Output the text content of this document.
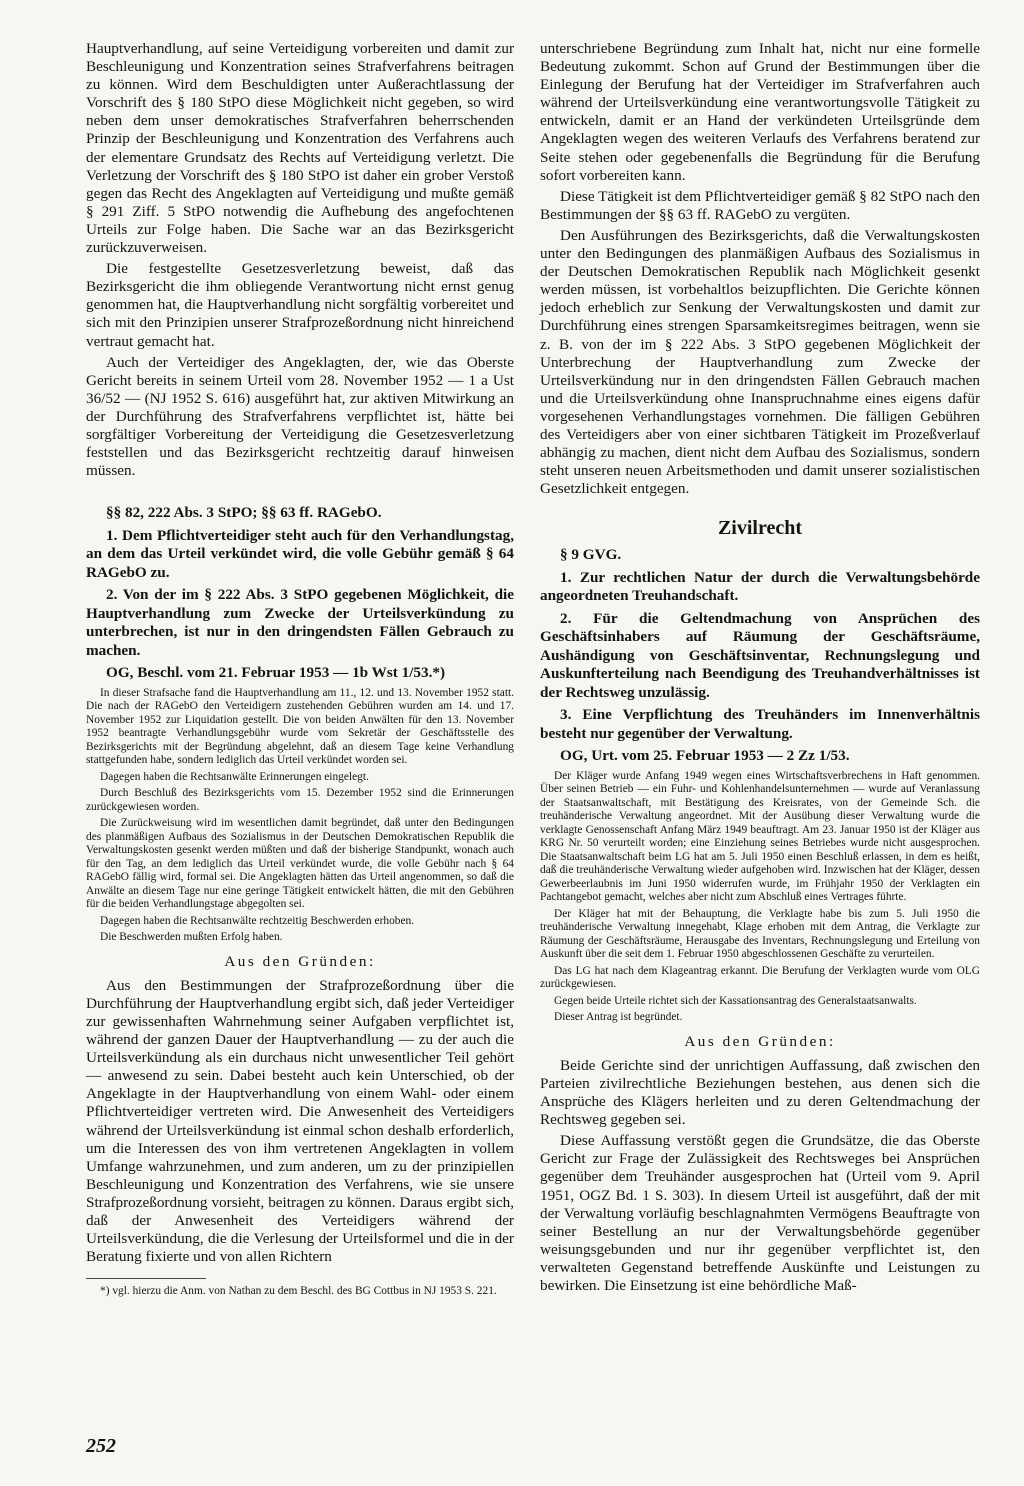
Hauptverhandlung, auf seine Verteidigung vorbereiten und damit zur Beschleunigung und Konzentration seines Strafverfahrens beitragen zu können. Wird dem Beschuldigten unter Außerachtlassung der Vorschrift des § 180 StPO diese Möglichkeit nicht gegeben, so wird neben dem unser demokratisches Strafverfahren beherrschenden Prinzip der Beschleunigung und Konzentration des Verfahrens auch der elementare Grundsatz des Rechts auf Verteidigung verletzt. Die Verletzung der Vorschrift des § 180 StPO ist daher ein grober Verstoß gegen das Recht des Angeklagten auf Verteidigung und mußte gemäß § 291 Ziff. 5 StPO notwendig die Aufhebung des angefochtenen Urteils zur Folge haben. Die Sache war an das Bezirksgericht zurückzuverweisen.

Die festgestellte Gesetzesverletzung beweist, daß das Bezirksgericht die ihm obliegende Verantwortung nicht ernst genug genommen hat, die Hauptverhandlung nicht sorgfältig vorbereitet und sich mit den Prinzipien unserer Strafprozeßordnung nicht hinreichend vertraut gemacht hat.

Auch der Verteidiger des Angeklagten, der, wie das Oberste Gericht bereits in seinem Urteil vom 28. November 1952 — 1 a Ust 36/52 — (NJ 1952 S. 616) ausgeführt hat, zur aktiven Mitwirkung an der Durchführung des Strafverfahrens verpflichtet ist, hätte bei sorgfältiger Vorbereitung der Verteidigung die Gesetzesverletzung feststellen und das Bezirksgericht rechtzeitig darauf hinweisen müssen.

§§ 82, 222 Abs. 3 StPO; §§ 63 ff. RAGebO.

1. Dem Pflichtverteidiger steht auch für den Verhandlungstag, an dem das Urteil verkündet wird, die volle Gebühr gemäß § 64 RAGebO zu.

2. Von der im § 222 Abs. 3 StPO gegebenen Möglichkeit, die Hauptverhandlung zum Zwecke der Urteilsverkündung zu unterbrechen, ist nur in den dringendsten Fällen Gebrauch zu machen.

OG, Beschl. vom 21. Februar 1953 — 1b Wst 1/53.*)

In dieser Strafsache fand die Hauptverhandlung am 11., 12. und 13. November 1952 statt. Die nach der RAGebO den Verteidigern zustehenden Gebühren wurden am 14. und 17. November 1952 zur Liquidation gestellt. Die von beiden Anwälten für den 13. November 1952 beantragte Verhandlungsgebühr wurde vom Sekretär der Geschäftsstelle des Bezirksgerichts mit der Begründung abgelehnt, daß an diesem Tage keine Verhandlung stattgefunden habe, sondern lediglich das Urteil verkündet worden sei.

Dagegen haben die Rechtsanwälte Erinnerungen eingelegt.

Durch Beschluß des Bezirksgerichts vom 15. Dezember 1952 sind die Erinnerungen zurückgewiesen worden.

Die Zurückweisung wird im wesentlichen damit begründet, daß unter den Bedingungen des planmäßigen Aufbaus des Sozialismus in der Deutschen Demokratischen Republik die Verwaltungskosten gesenkt werden müßten und daß der bisherige Standpunkt, wonach auch für den Tag, an dem lediglich das Urteil verkündet wurde, die volle Gebühr nach § 64 RAGebO fällig wird, formal sei. Die Angeklagten hätten das Urteil angenommen, so daß die Anwälte an diesem Tage nur eine geringe Tätigkeit entwickelt hätten, die mit den Gebühren für die beiden Verhandlungstage abgegolten sei.

Dagegen haben die Rechtsanwälte rechtzeitig Beschwerden erhoben.

Die Beschwerden mußten Erfolg haben.

Aus den Gründen:

Aus den Bestimmungen der Strafprozeßordnung über die Durchführung der Hauptverhandlung ergibt sich, daß jeder Verteidiger zur gewissenhaften Wahrnehmung seiner Aufgaben verpflichtet ist, während der ganzen Dauer der Hauptverhandlung — zu der auch die Urteilsverkündung als ein durchaus nicht unwesentlicher Teil gehört — anwesend zu sein. Dabei besteht auch kein Unterschied, ob der Angeklagte in der Hauptverhandlung von einem Wahl- oder einem Pflichtverteidiger vertreten wird. Die Anwesenheit des Verteidigers während der Urteilsverkündung ist einmal schon deshalb erforderlich, um die Interessen des von ihm vertretenen Angeklagten in vollem Umfange wahrzunehmen, und zum anderen, um zu der prinzipiellen Beschleunigung und Konzentration des Verfahrens, wie sie unsere Strafprozeßordnung vorsieht, beitragen zu können. Daraus ergibt sich, daß der Anwesenheit des Verteidigers während der Urteilsverkündung, die die Verlesung der Urteilsformel und die in der Beratung fixierte und von allen Richtern

*) vgl. hierzu die Anm. von Nathan zu dem Beschl. des BG Cottbus in NJ 1953 S. 221.

unterschriebene Begründung zum Inhalt hat, nicht nur eine formelle Bedeutung zukommt. Schon auf Grund der Bestimmungen über die Einlegung der Berufung hat der Verteidiger im Strafverfahren auch während der Urteilsverkündung eine verantwortungsvolle Tätigkeit zu entwickeln, damit er an Hand der verkündeten Urteilsgründe dem Angeklagten wegen des weiteren Verlaufs des Verfahrens beratend zur Seite stehen oder gegebenenfalls die Begründung für die Berufung sofort vorbereiten kann.

Diese Tätigkeit ist dem Pflichtverteidiger gemäß § 82 StPO nach den Bestimmungen der §§ 63 ff. RAGebO zu vergüten.

Den Ausführungen des Bezirksgerichts, daß die Verwaltungskosten unter den Bedingungen des planmäßigen Aufbaus des Sozialismus in der Deutschen Demokratischen Republik nach Möglichkeit gesenkt werden müssen, ist vorbehaltlos beizupflichten. Die Gerichte können jedoch erheblich zur Senkung der Verwaltungskosten und damit zur Durchführung eines strengen Sparsamkeitsregimes beitragen, wenn sie z. B. von der im § 222 Abs. 3 StPO gegebenen Möglichkeit der Unterbrechung der Hauptverhandlung zum Zwecke der Urteilsverkündung nur in den dringendsten Fällen Gebrauch machen und die Urteilsverkündung ohne Inanspruchnahme eines eigens dafür vorgesehenen Verhandlungstages vornehmen. Die fälligen Gebühren des Verteidigers aber von einer sichtbaren Tätigkeit im Prozeßverlauf abhängig zu machen, dient nicht dem Aufbau des Sozialismus, sondern steht unseren neuen Arbeitsmethoden und damit unserer sozialistischen Gesetzlichkeit entgegen.

Zivilrecht

§ 9 GVG.

1. Zur rechtlichen Natur der durch die Verwaltungsbehörde angeordneten Treuhandschaft.

2. Für die Geltendmachung von Ansprüchen des Geschäftsinhabers auf Räumung der Geschäftsräume, Aushändigung von Geschäftsinventar, Rechnungslegung und Auskunfterteilung nach Beendigung des Treuhandverhältnisses ist der Rechtsweg unzulässig.

3. Eine Verpflichtung des Treuhänders im Innenverhältnis besteht nur gegenüber der Verwaltung.

OG, Urt. vom 25. Februar 1953 — 2 Zz 1/53.

Der Kläger wurde Anfang 1949 wegen eines Wirtschaftsverbrechens in Haft genommen. Über seinen Betrieb — ein Fuhr- und Kohlenhandelsunternehmen — wurde auf Veranlassung der Staatsanwaltschaft, mit Bestätigung des Kreisrates, von der Gemeinde Sch. die treuhänderische Verwaltung angeordnet. Mit der Ausübung dieser Verwaltung wurde die verklagte Genossenschaft Anfang März 1949 beauftragt. Am 23. Januar 1950 ist der Kläger aus KRG Nr. 50 verurteilt worden; eine Einziehung seines Betriebes wurde nicht ausgesprochen. Die Staatsanwaltschaft beim LG hat am 5. Juli 1950 einen Beschluß erlassen, in dem es heißt, daß die treuhänderische Verwaltung wieder aufgehoben wird. Inzwischen hat der Kläger, dessen Gewerbeerlaubnis im Juni 1950 widerrufen wurde, im Frühjahr 1950 der Verklagten ein Pachtangebot gemacht, welches aber nicht zum Abschluß eines Vertrages führte.

Der Kläger hat mit der Behauptung, die Verklagte habe bis zum 5. Juli 1950 die treuhänderische Verwaltung innegehabt, Klage erhoben mit dem Antrag, die Verklagte zur Räumung der Geschäftsräume, Herausgabe des Inventars, Rechnungslegung und Erteilung von Auskunft über die seit dem 1. Februar 1950 abgeschlossenen Geschäfte zu verurteilen.

Das LG hat nach dem Klageantrag erkannt. Die Berufung der Verklagten wurde vom OLG zurückgewiesen.

Gegen beide Urteile richtet sich der Kassationsantrag des Generalstaatsanwalts.

Dieser Antrag ist begründet.

Aus den Gründen:

Beide Gerichte sind der unrichtigen Auffassung, daß zwischen den Parteien zivilrechtliche Beziehungen bestehen, aus denen sich die Ansprüche des Klägers herleiten und zu deren Geltendmachung der Rechtsweg gegeben sei.

Diese Auffassung verstößt gegen die Grundsätze, die das Oberste Gericht zur Frage der Zulässigkeit des Rechtsweges bei Ansprüchen gegenüber dem Treuhänder ausgesprochen hat (Urteil vom 9. April 1951, OGZ Bd. 1 S. 303). In diesem Urteil ist ausgeführt, daß der mit der Verwaltung vorläufig beschlagnahmten Vermögens Beauftragte von seiner Bestellung an nur der Verwaltungsbehörde gegenüber weisungsgebunden und nur ihr gegenüber verpflichtet ist, den verwalteten Gegenstand betreffende Auskünfte und Leistungen zu bewirken. Die Einsetzung ist eine behördliche Maß-

252
